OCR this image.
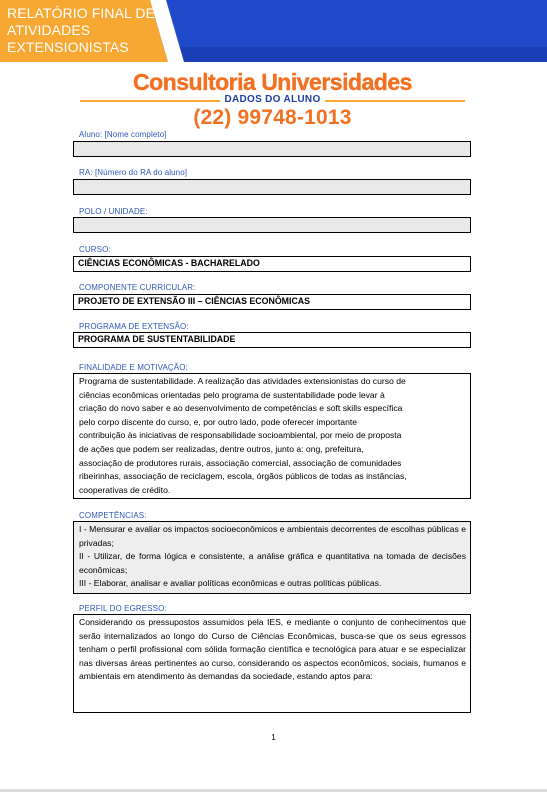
RELATÓRIO FINAL DE
ATIVIDADES
EXTENSIONISTAS
Consultoria Universidades
DADOS DO ALUNO
(22) 99748-1013
Aluno: [Nome completo]
RA: [Número do RA do aluno]
POLO / UNIDADE:
CURSO:
CIÊNCIAS ECONÔMICAS - BACHARELADO
COMPONENTE CURRICULAR:
PROJETO DE EXTENSÃO III – CIÊNCIAS ECONÔMICAS
PROGRAMA DE EXTENSÃO:
PROGRAMA DE SUSTENTABILIDADE
FINALIDADE E MOTIVAÇÃO:
Programa de sustentabilidade. A realização das atividades extensionistas do curso de
ciências econômicas orientadas pelo programa de sustentabilidade pode levar à
criação do novo saber e ao desenvolvimento de competências e soft skills específica
pelo corpo discente do curso, e, por outro lado, pode oferecer importante
contribuição às iniciativas de responsabilidade socioambiental, por meio de proposta
de ações que podem ser realizadas, dentre outros, junto a: ong, prefeitura,
associação de produtores rurais, associação comercial, associação de comunidades
ribeirinhas, associação de reciclagem, escola, órgãos públicos de todas as instâncias,
cooperativas de crédito.
COMPETÊNCIAS:
I - Mensurar e avaliar os impactos socioeconômicos e ambientais decorrentes de escolhas públicas e privadas;
II - Utilizar, de forma lógica e consistente, a análise gráfica e quantitativa na tomada de decisões econômicas;
III - Elaborar, analisar e avaliar políticas econômicas e outras políticas públicas.
PERFIL DO EGRESSO:
Considerando os pressupostos assumidos pela IES, e mediante o conjunto de conhecimentos que serão internalizados ao longo do Curso de Ciências Econômicas, busca-se que os seus egressos tenham o perfil profissional com sólida formação científica e tecnológica para atuar e se especializar nas diversas áreas pertinentes ao curso, considerando os aspectos econômicos, sociais, humanos e ambientais em atendimento às demandas da sociedade, estando aptos para:
1
